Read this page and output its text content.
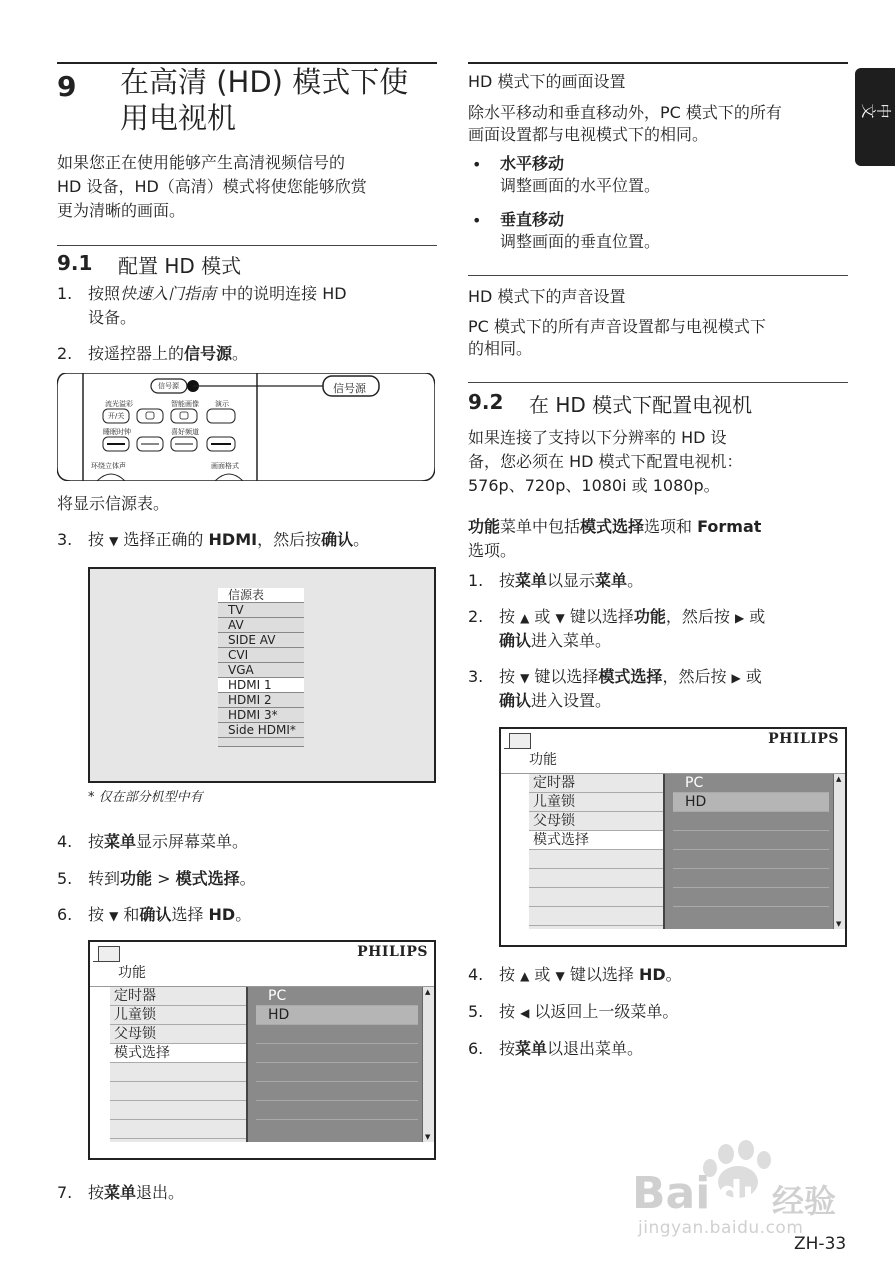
中文
9 在高清 (HD) 模式下使
用电视机
如果您正在使用能够产生高清视频信号的
HD 设备，HD（高清）模式将使您能够欣赏
更为清晰的画面。
9.1 配置 HD 模式
1. 按照快速入门指南 中的说明连接 HD
设备。
2. 按遥控器上的信号源。
信号源	信号源
流光溢彩	智能画像 演示
开/关
睡眠时钟	喜好频道
环绕立体声	画面格式
将显示信源表。
3. 按 ▼ 选择正确的 HDMI，然后按确认。
信源表
TV
AV
SIDE AV
CVI
VGA
HDMI 1
HDMI 2
HDMI 3*
Side HDMI*
* 仅在部分机型中有
4. 按菜单显示屏幕菜单。
5. 转到功能 > 模式选择。
6. 按 ▼ 和确认选择 HD。
PHILIPS
功能
定时器
儿童锁
父母锁
模式选择
PC
HD
▲
▼
7. 按菜单退出。
HD 模式下的画面设置
除水平移动和垂直移动外，PC 模式下的所有
画面设置都与电视模式下的相同。
• 水平移动
调整画面的水平位置。
• 垂直移动
调整画面的垂直位置。
HD 模式下的声音设置
PC 模式下的所有声音设置都与电视模式下
的相同。
9.2 在 HD 模式下配置电视机
如果连接了支持以下分辨率的 HD 设
备，您必须在 HD 模式下配置电视机：
576p、720p、1080i 或 1080p。
功能菜单中包括模式选择选项和 Format
选项。
1. 按菜单以显示菜单。
2. 按 ▲ 或 ▼ 键以选择功能，然后按 ▶ 或
确认进入菜单。
3. 按 ▼ 键以选择模式选择，然后按 ▶ 或
确认进入设置。
PHILIPS
功能
定时器
儿童锁
父母锁
模式选择
PC
HD
▲
▼
4. 按 ▲ 或 ▼ 键以选择 HD。
5. 按 ◀ 以返回上一级菜单。
6. 按菜单以退出菜单。
Bai du 经验
jingyan.baidu.com
ZH-33
